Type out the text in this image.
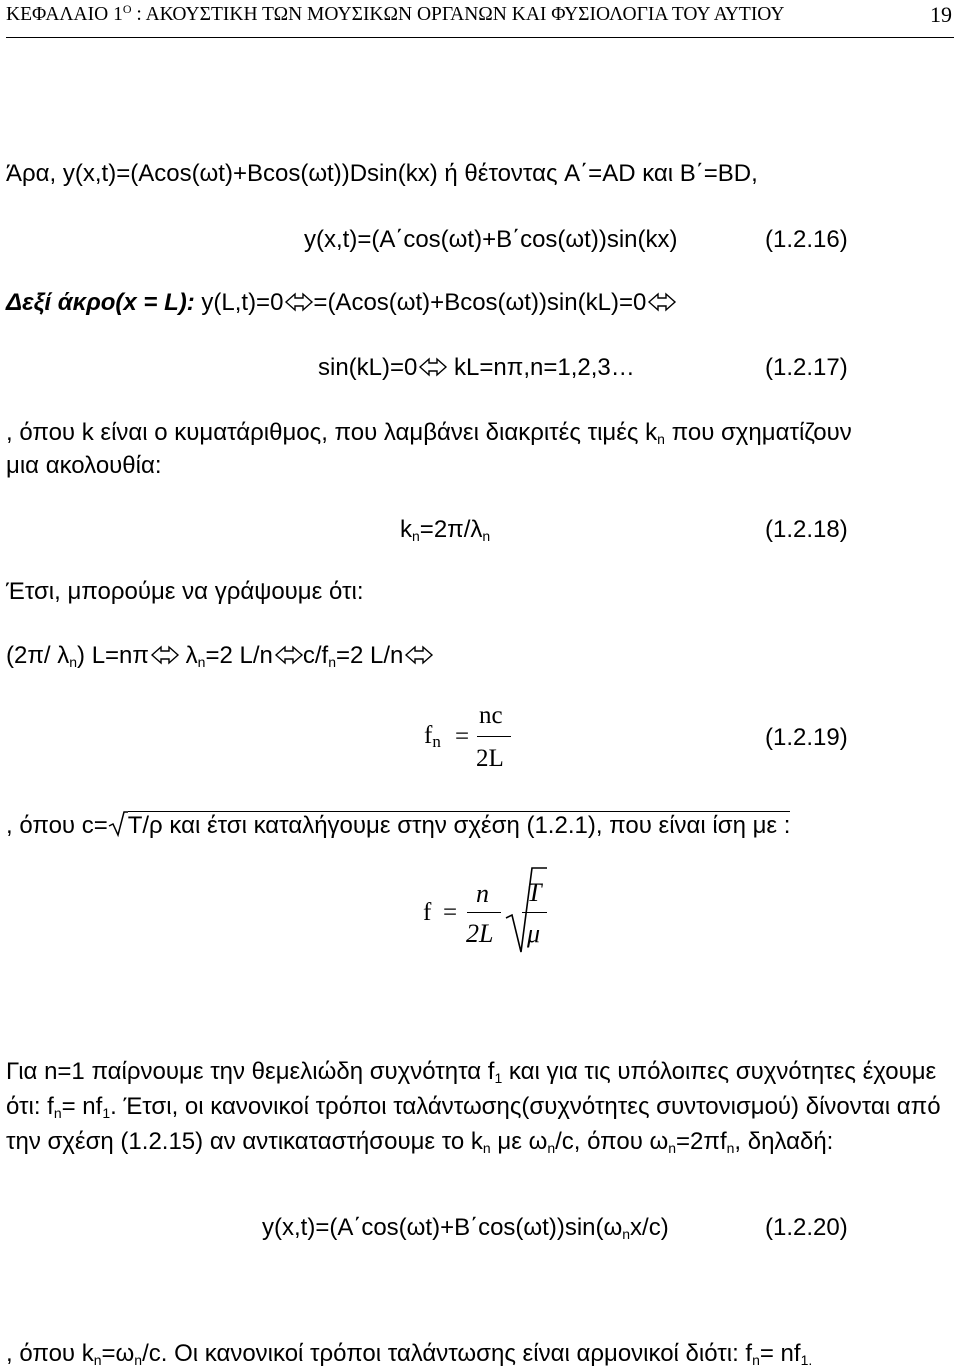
ΚΕΦΑΛΑΙΟ $1^O$ : ΑΚΟΥΣΤΙΚΗ ΤΩΝ ΜΟΥΣΙΚΩΝ ΟΡΓΑΝΩΝ ΚΑΙ ΦΥΣΙΟΛΟΓΙΑ ΤΟΥ ΑΥΤΙΟΥ	19
Άρα, y(x,t)=(Acos(ωt)+Bcos(ωt))Dsin(kx) ή θέτοντας A΄=AD και B΄=BD,
y(x,t)=(A΄cos(ωt)+B΄cos(ωt))sin(kx)	(1.2.16)
Δεξί άκρο(x = L): y(L,t)=0 =(Acos(ωt)+Bcos(ωt))sin(kL)=0
sin(kL)=0
kL=nπ,n=1,2,3…	(1.2.17)
, όπου k είναι ο κυματάριθμος, που λαμβάνει διακριτές τιμές $k_n$ που σχηματίζουν
μια ακολουθία:
$k_n=2\pi/\lambda_n$	(1.2.18)
Έτσι, μπορούμε να γράψουμε ότι:
(2π/ $\lambda_n$) L=nπ
$\lambda_n=2$ L/n $c/f_n=2$ L/n
$f_n$ =
nc
2L
(1.2.19)
, όπου c= T/ρ και έτσι καταλήγουμε στην σχέση (1.2.1), που είναι ίση με :
f =
n
2L
T
μ
Για n=1 παίρνουμε την θεμελιώδη συχνότητα $f_1$ και για τις υπόλοιπες συχνότητες έχουμε ότι: $f_n= nf_1$. Έτσι, οι κανονικοί τρόποι ταλάντωσης(συχνότητες συντονισμού) δίνονται από την σχέση (1.2.15) αν αντικαταστήσουμε το $k_n$ με $\omega_n/c$, όπου $\omega_n=2\pi f_n$, δηλαδή:
$y(x,t)=(A΄\cos(\omega t)+B΄\cos(\omega t))\sin(\omega_nx/c)$	(1.2.20)
, όπου $k_n=\omega_n/c$. Οι κανονικοί τρόποι ταλάντωσης είναι αρμονικοί διότι: $f_n= nf_{1.}$
